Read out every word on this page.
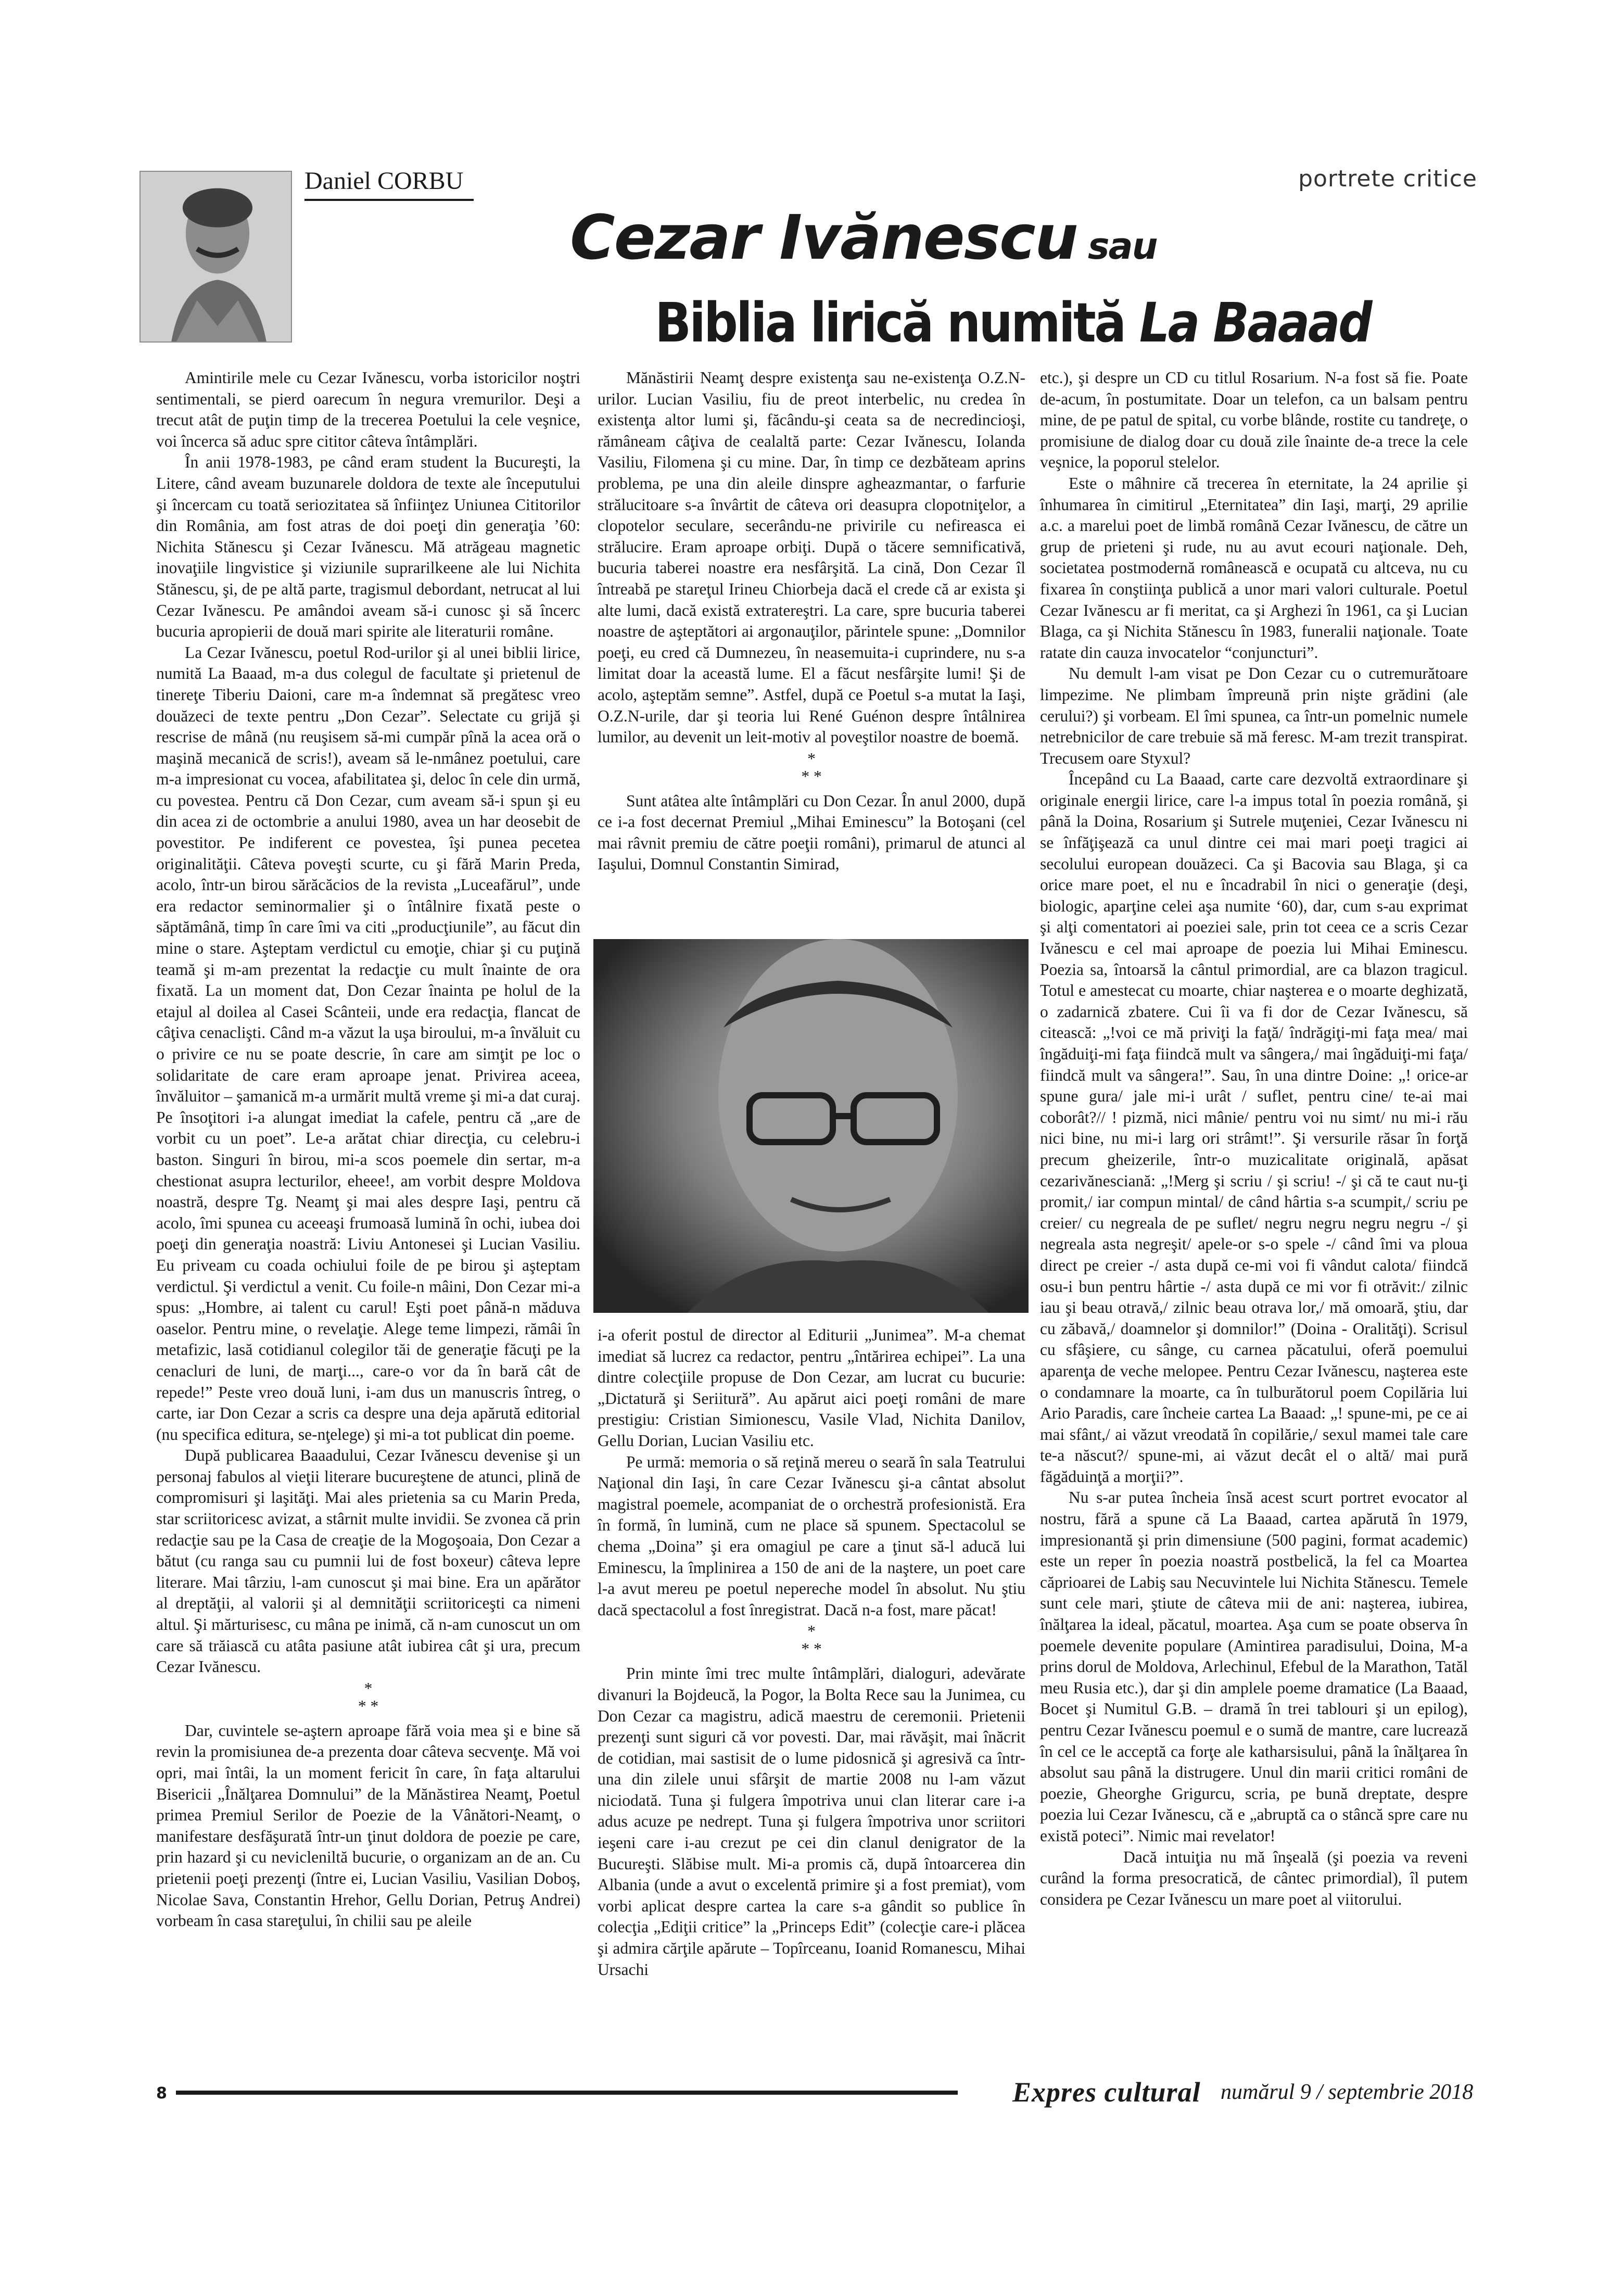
Daniel CORBU	portrete critice
Cezar Ivănescu sau
Biblia lirică numită La Baaad

Amintirile mele cu Cezar Ivănescu, vorba istoricilor noştri sentimentali, se pierd oarecum în negura vremurilor. Deşi a trecut atât de puţin timp de la trecerea Poetului la cele veşnice, voi încerca să aduc spre cititor câteva întâmplări.

În anii 1978-1983, pe când eram student la Bucureşti, la Litere, când aveam buzunarele doldora de texte ale începutului şi încercam cu toată seriozitatea să înfiinţez Uniunea Cititorilor din România, am fost atras de doi poeţi din generaţia ’60: Nichita Stănescu şi Cezar Ivănescu. Mă atrăgeau magnetic inovaţiile lingvistice şi viziunile suprarilkeene ale lui Nichita Stănescu, şi, de pe altă parte, tragismul debordant, netrucat al lui Cezar Ivănescu. Pe amândoi aveam să-i cunosc şi să încerc bucuria apropierii de două mari spirite ale literaturii române.

La Cezar Ivănescu, poetul Rod-urilor şi al unei biblii lirice, numită La Baaad, m-a dus colegul de facultate şi prietenul de tinereţe Tiberiu Daioni, care m-a îndemnat să pregătesc vreo douăzeci de texte pentru „Don Cezar”. Selectate cu grijă şi rescrise de mână (nu reuşisem să-mi cumpăr pînă la acea oră o maşină mecanică de scris!), aveam să le-nmânez poetului, care m-a impresionat cu vocea, afabilitatea şi, deloc în cele din urmă, cu povestea. Pentru că Don Cezar, cum aveam să-i spun şi eu din acea zi de octombrie a anului 1980, avea un har deosebit de povestitor. Pe indiferent ce povestea, îşi punea pecetea originalităţii. Câteva poveşti scurte, cu şi fără Marin Preda, acolo, într-un birou sărăcăcios de la revista „Luceafărul”, unde era redactor seminormalier şi o întâlnire fixată peste o săptămână, timp în care îmi va citi „producţiunile”, au făcut din mine o stare. Aşteptam verdictul cu emoţie, chiar şi cu puţină teamă şi m-am prezentat la redacţie cu mult înainte de ora fixată. La un moment dat, Don Cezar înainta pe holul de la etajul al doilea al Casei Scânteii, unde era redacţia, flancat de câţiva cenaclişti. Când m-a văzut la uşa biroului, m-a învăluit cu o privire ce nu se poate descrie, în care am simţit pe loc o solidaritate de care eram aproape jenat. Privirea aceea, învăluitor – şamanică m-a urmărit multă vreme şi mi-a dat curaj. Pe însoţitori i-a alungat imediat la cafele, pentru că „are de vorbit cu un poet”. Le-a arătat chiar direcţia, cu celebru-i baston. Singuri în birou, mi-a scos poemele din sertar, m-a chestionat asupra lecturilor, eheee!, am vorbit despre Moldova noastră, despre Tg. Neamţ şi mai ales despre Iaşi, pentru că acolo, îmi spunea cu aceeaşi frumoasă lumină în ochi, iubea doi poeţi din generaţia noastră: Liviu Antonesei şi Lucian Vasiliu. Eu priveam cu coada ochiului foile de pe birou şi aşteptam verdictul. Şi verdictul a venit. Cu foile-n mâini, Don Cezar mi-a spus: „Hombre, ai talent cu carul! Eşti poet până-n măduva oaselor. Pentru mine, o revelaţie. Alege teme limpezi, rămâi în metafizic, lasă cotidianul colegilor tăi de generaţie făcuţi pe la cenacluri de luni, de marţi..., care-o vor da în bară cât de repede!” Peste vreo două luni, i-am dus un manuscris întreg, o carte, iar Don Cezar a scris ca despre una deja apărută editorial (nu specifica editura, se-nţelege) şi mi-a tot publicat din poeme.

După publicarea Baaadului, Cezar Ivănescu devenise şi un personaj fabulos al vieţii literare bucureştene de atunci, plină de compromisuri şi laşităţi. Mai ales prietenia sa cu Marin Preda, star scriitoricesc avizat, a stârnit multe invidii. Se zvonea că prin redacţie sau pe la Casa de creaţie de la Mogoşoaia, Don Cezar a bătut (cu ranga sau cu pumnii lui de fost boxeur) câteva lepre literare. Mai târziu, l-am cunoscut şi mai bine. Era un apărător al dreptăţii, al valorii şi al demnităţii scriitoriceşti ca nimeni altul. Şi mărturisesc, cu mâna pe inimă, că n-am cunoscut un om care să trăiască cu atâta pasiune atât iubirea cât şi ura, precum Cezar Ivănescu.

*
* *

Dar, cuvintele se-aştern aproape fără voia mea şi e bine să revin la promisiunea de-a prezenta doar câteva secvenţe. Mă voi opri, mai întâi, la un moment fericit în care, în faţa altarului Bisericii „Înălţarea Domnului” de la Mănăstirea Neamţ, Poetul primea Premiul Serilor de Poezie de la Vânători-Neamţ, o manifestare desfăşurată într-un ţinut doldora de poezie pe care, prin hazard şi cu nevicleniltă bucurie, o organizam an de an. Cu prietenii poeţi prezenţi (între ei, Lucian Vasiliu, Vasilian Doboş, Nicolae Sava, Constantin Hrehor, Gellu Dorian, Petruş Andrei) vorbeam în casa stareţului, în chilii sau pe aleile

Mănăstirii Neamţ despre existenţa sau ne-existenţa O.Z.N-urilor. Lucian Vasiliu, fiu de preot interbelic, nu credea în existenţa altor lumi şi, făcându-şi ceata sa de necredincioşi, rămâneam câţiva de cealaltă parte: Cezar Ivănescu, Iolanda Vasiliu, Filomena şi cu mine. Dar, în timp ce dezbăteam aprins problema, pe una din aleile dinspre agheazmantar, o farfurie strălucitoare s-a învârtit de câteva ori deasupra clopotniţelor, a clopotelor seculare, secerându-ne privirile cu nefireasca ei strălucire. Eram aproape orbiţi. După o tăcere semnificativă, bucuria taberei noastre era nesfârşită. La cină, Don Cezar îl întreabă pe stareţul Irineu Chiorbeja dacă el crede că ar exista şi alte lumi, dacă există extratereştri. La care, spre bucuria taberei noastre de aşteptători ai argonauţilor, părintele spune: „Domnilor poeţi, eu cred că Dumnezeu, în neasemuita-i cuprindere, nu s-a limitat doar la această lume. El a făcut nesfârşite lumi! Şi de acolo, aşteptăm semne”. Astfel, după ce Poetul s-a mutat la Iaşi, O.Z.N-urile, dar şi teoria lui René Guénon despre întâlnirea lumilor, au devenit un leit-motiv al poveştilor noastre de boemă.

*
* *

Sunt atâtea alte întâmplări cu Don Cezar. În anul 2000, după ce i-a fost decernat Premiul „Mihai Eminescu” la Botoşani (cel mai râvnit premiu de către poeţii români), primarul de atunci al Iaşului, Domnul Constantin Simirad,

i-a oferit postul de director al Editurii „Junimea”. M-a chemat imediat să lucrez ca redactor, pentru „întărirea echipei”. La una dintre colecţiile propuse de Don Cezar, am lucrat cu bucurie: „Dictatură şi Seriitură”. Au apărut aici poeţi români de mare prestigiu: Cristian Simionescu, Vasile Vlad, Nichita Danilov, Gellu Dorian, Lucian Vasiliu etc.

Pe urmă: memoria o să reţină mereu o seară în sala Teatrului Naţional din Iaşi, în care Cezar Ivănescu şi-a cântat absolut magistral poemele, acompaniat de o orchestră profesionistă. Era în formă, în lumină, cum ne place să spunem. Spectacolul se chema „Doina” şi era omagiul pe care a ţinut să-l aducă lui Eminescu, la împlinirea a 150 de ani de la naştere, un poet care l-a avut mereu pe poetul nepereche model în absolut. Nu ştiu dacă spectacolul a fost înregistrat. Dacă n-a fost, mare păcat!

*
* *

Prin minte îmi trec multe întâmplări, dialoguri, adevărate divanuri la Bojdeucă, la Pogor, la Bolta Rece sau la Junimea, cu Don Cezar ca magistru, adică maestru de ceremonii. Prietenii prezenţi sunt siguri că vor povesti. Dar, mai răvăşit, mai înăcrit de cotidian, mai sastisit de o lume pidosnică şi agresivă ca într-una din zilele unui sfârşit de martie 2008 nu l-am văzut niciodată. Tuna şi fulgera împotriva unui clan literar care i-a adus acuze pe nedrept. Tuna şi fulgera împotriva unor scriitori ieşeni care i-au crezut pe cei din clanul denigrator de la Bucureşti. Slăbise mult. Mi-a promis că, după întoarcerea din Albania (unde a avut o excelentă primire şi a fost premiat), vom vorbi aplicat despre cartea la care s-a gândit so publice în colecţia „Ediţii critice” la „Princeps Edit” (colecţie care-i plăcea şi admira cărţile apărute – Topîrceanu, Ioanid Romanescu, Mihai Ursachi

etc.), şi despre un CD cu titlul Rosarium. N-a fost să fie. Poate de-acum, în postumitate. Doar un telefon, ca un balsam pentru mine, de pe patul de spital, cu vorbe blânde, rostite cu tandreţe, o promisiune de dialog doar cu două zile înainte de-a trece la cele veşnice, la poporul stelelor.

Este o mâhnire că trecerea în eternitate, la 24 aprilie şi înhumarea în cimitirul „Eternitatea” din Iaşi, marţi, 29 aprilie a.c. a marelui poet de limbă română Cezar Ivănescu, de către un grup de prieteni şi rude, nu au avut ecouri naţionale. Deh, societatea postmodernă românească e ocupată cu altceva, nu cu fixarea în conştiinţa publică a unor mari valori culturale. Poetul Cezar Ivănescu ar fi meritat, ca şi Arghezi în 1961, ca şi Lucian Blaga, ca şi Nichita Stănescu în 1983, funeralii naţionale. Toate ratate din cauza invocatelor “conjuncturi”.

Nu demult l-am visat pe Don Cezar cu o cutremurătoare limpezime. Ne plimbam împreună prin nişte grădini (ale cerului?) şi vorbeam. El îmi spunea, ca într-un pomelnic numele netrebnicilor de care trebuie să mă feresc. M-am trezit transpirat. Trecusem oare Styxul?

Începând cu La Baaad, carte care dezvoltă extraordinare şi originale energii lirice, care l-a impus total în poezia română, şi până la Doina, Rosarium şi Sutrele muţeniei, Cezar Ivănescu ni se înfăţişează ca unul dintre cei mai mari poeţi tragici ai secolului european douăzeci. Ca şi Bacovia sau Blaga, şi ca orice mare poet, el nu e încadrabil în nici o generaţie (deşi, biologic, aparţine celei aşa numite ‘60), dar, cum s-au exprimat şi alţi comentatori ai poeziei sale, prin tot ceea ce a scris Cezar Ivănescu e cel mai aproape de poezia lui Mihai Eminescu. Poezia sa, întoarsă la cântul primordial, are ca blazon tragicul. Totul e amestecat cu moarte, chiar naşterea e o moarte deghizată, o zadarnică zbatere. Cui îi va fi dor de Cezar Ivănescu, să citească: „!voi ce mă priviţi la faţă/ îndrăgiţi-mi faţa mea/ mai îngăduiţi-mi faţa fiindcă mult va sângera,/ mai îngăduiţi-mi faţa/ fiindcă mult va sângera!”. Sau, în una dintre Doine: „! orice-ar spune gura/ jale mi-i urât / suflet, pentru cine/ te-ai mai coborât?// ! pizmă, nici mânie/ pentru voi nu simt/ nu mi-i rău nici bine, nu mi-i larg ori strâmt!”. Şi versurile răsar în forţă precum gheizerile, într-o muzicalitate originală, apăsat cezarivănesciană: „!Merg şi scriu / şi scriu! -/ şi că te caut nu-ţi promit,/ iar compun mintal/ de când hârtia s-a scumpit,/ scriu pe creier/ cu negreala de pe suflet/ negru negru negru negru -/ şi negreala asta negreşit/ apele-or s-o spele -/ când îmi va ploua direct pe creier -/ asta după ce-mi voi fi vândut calota/ fiindcă osu-i bun pentru hârtie -/ asta după ce mi vor fi otrăvit:/ zilnic iau şi beau otravă,/ zilnic beau otrava lor,/ mă omoară, ştiu, dar cu zăbavă,/ doamnelor şi domnilor!” (Doina - Oralităţi). Scrisul cu sfâşiere, cu sânge, cu carnea păcatului, oferă poemului aparenţa de veche melopee. Pentru Cezar Ivănescu, naşterea este o condamnare la moarte, ca în tulburătorul poem Copilăria lui Ario Paradis, care încheie cartea La Baaad: „! spune-mi, pe ce ai mai sfânt,/ ai văzut vreodată în copilărie,/ sexul mamei tale care te-a născut?/ spune-mi, ai văzut decât el o altă/ mai pură făgăduinţă a morţii?”.

Nu s-ar putea încheia însă acest scurt portret evocator al nostru, fără a spune că La Baaad, cartea apărută în 1979, impresionantă şi prin dimensiune (500 pagini, format academic) este un reper în poezia noastră postbelică, la fel ca Moartea căprioarei de Labiş sau Necuvintele lui Nichita Stănescu. Temele sunt cele mari, ştiute de câteva mii de ani: naşterea, iubirea, înălţarea la ideal, păcatul, moartea. Aşa cum se poate observa în poemele devenite populare (Amintirea paradisului, Doina, M-a prins dorul de Moldova, Arlechinul, Efebul de la Marathon, Tatăl meu Rusia etc.), dar şi din amplele poeme dramatice (La Baaad, Bocet şi Numitul G.B. – dramă în trei tablouri şi un epilog), pentru Cezar Ivănescu poemul e o sumă de mantre, care lucrează în cel ce le acceptă ca forţe ale katharsisului, până la înălţarea în absolut sau până la distrugere. Unul din marii critici români de poezie, Gheorghe Grigurcu, scria, pe bună dreptate, despre poezia lui Cezar Ivănescu, că e „abruptă ca o stâncă spre care nu există poteci”. Nimic mai revelator!

Dacă intuiţia nu mă înşeală (şi poezia va reveni curând la forma presocratică, de cântec primordial), îl putem considera pe Cezar Ivănescu un mare poet al viitorului.

8	Expres cultural numărul 9 / septembrie 2018
